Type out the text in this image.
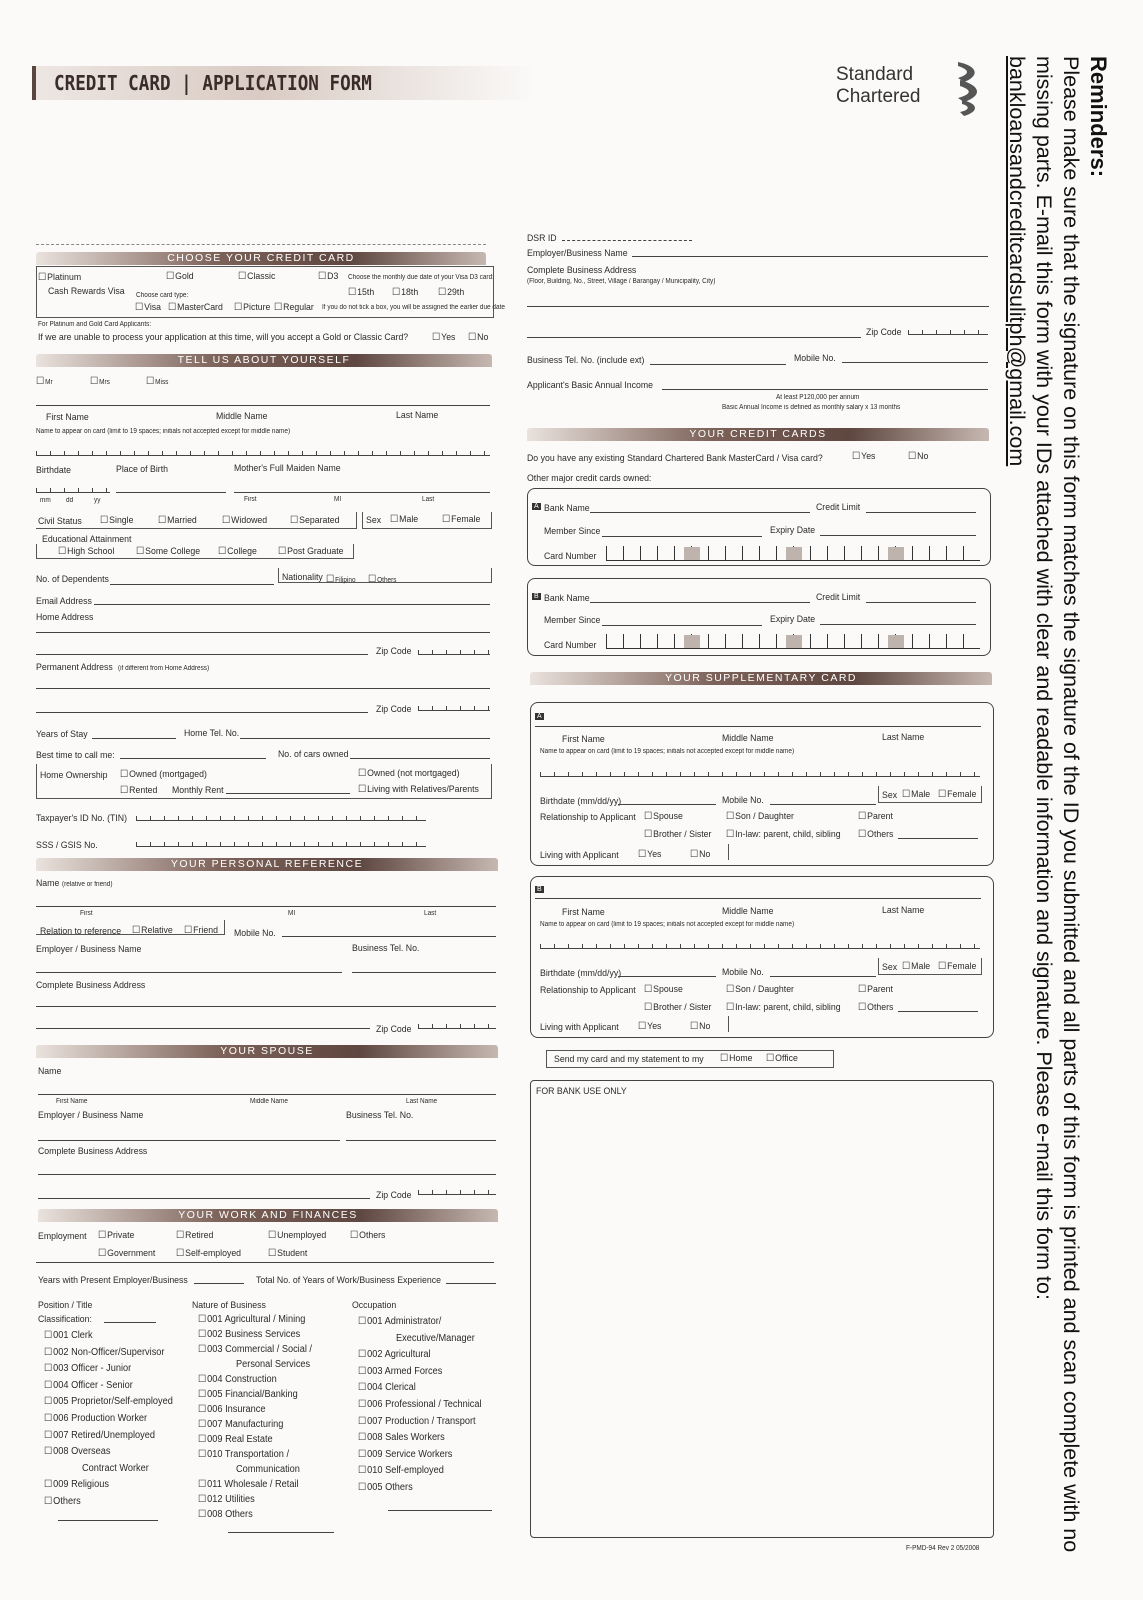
CREDIT CARD | APPLICATION FORM	Standard
Chartered	Reminders:
Please make sure that the signature on this form matches the signature of the ID you submitted and all parts of this form is printed and scan complete with no missing parts. E-mail this form with your IDs attached with clear and readable information and signature. Please e-mail this form to: bankloansandcreditcardsulitph@gmail.com
CHOOSE YOUR CREDIT CARD
☐ Platinum
Cash Rewards Visa
☐ Gold	☐ Classic	☐ D3 Choose the monthly due date of your Visa D3 card:
☐ 15th	☐ 18th	☐ 29th
Choose card type:
☐ Visa	☐ MasterCard	☐ Picture	☐ Regular If you do not tick a box, you will be assigned the earlier due date
For Platinum and Gold Card Applicants:
If we are unable to process your application at this time, will you accept a Gold or Classic Card?	☐ Yes	☐ No
TELL US ABOUT YOURSELF
☐ Mr	☐ Mrs	☐ Miss
First Name	Middle Name	Last Name
Name to appear on card (limit to 19 spaces; initials not accepted except for middle name)
Birthdate	Place of Birth	Mother's Full Maiden Name
mm dd	yy	First	MI	Last
Civil Status	☐ Single	☐ Married	☐ Widowed	☐ Separated	Sex	☐ Male	☐ Female
Educational Attainment
☐ High School	☐ Some College	☐ College	☐ Post Graduate
No. of Dependents	Nationality	☐ Filipino	☐ Others
Email Address
Home Address
Zip Code
Permanent Address (if different from Home Address)
Zip Code
Years of Stay	Home Tel. No.
Best time to call me:	No. of cars owned
Home Ownership	☐ Owned (mortgaged)	☐ Owned (not mortgaged)
☐ Rented Monthly Rent	☐ Living with Relatives/Parents
Taxpayer's ID No. (TIN)
SSS / GSIS No.
YOUR PERSONAL REFERENCE
Name (relative or friend)
First	MI	Last
Relation to reference	☐ Relative	☐ Friend Mobile No.
Employer / Business Name	Business Tel. No.
Complete Business Address
Zip Code
YOUR SPOUSE
Name
First Name	Middle Name	Last Name
Employer / Business Name	Business Tel. No.
Complete Business Address
Zip Code
YOUR WORK AND FINANCES
Employment	☐ Private	☐ Retired	☐ Unemployed	☐ Others
☐ Government	☐ Self-employed	☐ Student
Years with Present Employer/Business	Total No. of Years of Work/Business Experience
Position / Title
Classification:
☐ 001 Clerk
☐ 002 Non-Officer/Supervisor
☐ 003 Officer - Junior
☐ 004 Officer - Senior
☐ 005 Proprietor/Self-employed
☐ 006 Production Worker
☐ 007 Retired/Unemployed
☐ 008 Overseas
Contract Worker
☐ 009 Religious
☐ Others
Nature of Business
☐ 001 Agricultural / Mining
☐ 002 Business Services
☐ 003 Commercial / Social /
Personal Services
☐ 004 Construction
☐ 005 Financial/Banking
☐ 006 Insurance
☐ 007 Manufacturing
☐ 009 Real Estate
☐ 010 Transportation /
Communication
☐ 011 Wholesale / Retail
☐ 012 Utilities
☐ 008 Others
Occupation
☐ 001 Administrator/
Executive/Manager
☐ 002 Agricultural
☐ 003 Armed Forces
☐ 004 Clerical
☐ 006 Professional / Technical
☐ 007 Production / Transport
☐ 008 Sales Workers
☐ 009 Service Workers
☐ 010 Self-employed
☐ 005 Others
DSR ID
Employer/Business Name
Complete Business Address
(Floor, Building, No., Street, Village / Barangay / Municipality, City)
Zip Code
Business Tel. No. (include ext)	Mobile No.
Applicant's Basic Annual Income
At least P120,000 per annum
Basic Annual Income is defined as monthly salary x 13 months
YOUR CREDIT CARDS
Do you have any existing Standard Chartered Bank MasterCard / Visa card?	☐ Yes	☐ No
Other major credit cards owned:
A Bank Name	Credit Limit
Member Since	Expiry Date
Card Number
B Bank Name	Credit Limit
Member Since	Expiry Date
Card Number
YOUR SUPPLEMENTARY CARD
A
First Name	Middle Name	Last Name
Name to appear on card (limit to 19 spaces; initials not accepted except for middle name)
Birthdate (mm/dd/yy)	Mobile No.	Sex	☐ Male	☐ Female
Relationship to Applicant	☐ Spouse	☐ Son / Daughter	☐ Parent
☐ Brother / Sister	☐ In-law: parent, child, sibling	☐ Others
Living with Applicant	☐ Yes	☐ No
B
First Name	Middle Name	Last Name
Name to appear on card (limit to 19 spaces; initials not accepted except for middle name)
Birthdate (mm/dd/yy)	Mobile No.	Sex	☐ Male	☐ Female
Relationship to Applicant	☐ Spouse	☐ Son / Daughter	☐ Parent
☐ Brother / Sister	☐ In-law: parent, child, sibling	☐ Others
Living with Applicant	☐ Yes	☐ No
Send my card and my statement to my	☐ Home	☐ Office
FOR BANK USE ONLY
F-PMD-94 Rev 2 05/2008
